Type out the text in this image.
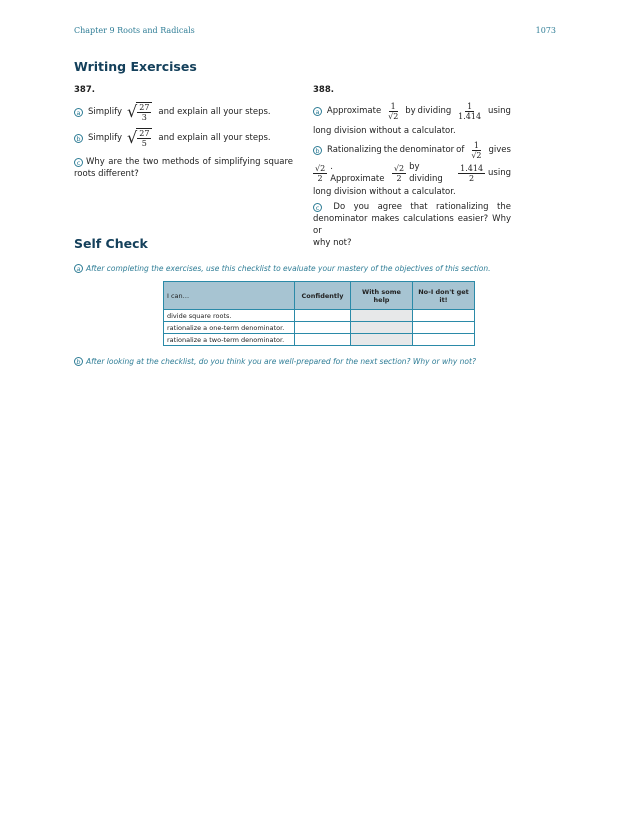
Chapter 9 Roots and Radicals	1073
Writing Exercises
387.
a Simplify √ $\frac{27}{3}$ and explain all your steps.
b Simplify √ $\frac{27}{5}$ and explain all your steps.
c Why are the two methods of simplifying square
roots different?
388.
a Approximate $\frac{1}{√2}$ by dividing $\frac{1}{1.414}$ using
long division without a calculator.
b Rationalizing the denominator of $\frac{1}{√2}$ gives
$\frac{√2}{2}$ . Approximate $\frac{√2}{2}$ by dividing	$\frac{1.414}{2}$ using
long division without a calculator.
c	Do you agree that rationalizing the
denominator makes calculations easier? Why or
why not?
Self Check
a After completing the exercises, use this checklist to evaluate your mastery of the objectives of this section.
I can…	Confidently	With some help	No-I don't get it!
divide square roots.			
rationalize a one-term denominator.			
rationalize a two-term denominator.			
b After looking at the checklist, do you think you are well-prepared for the next section? Why or why not?
